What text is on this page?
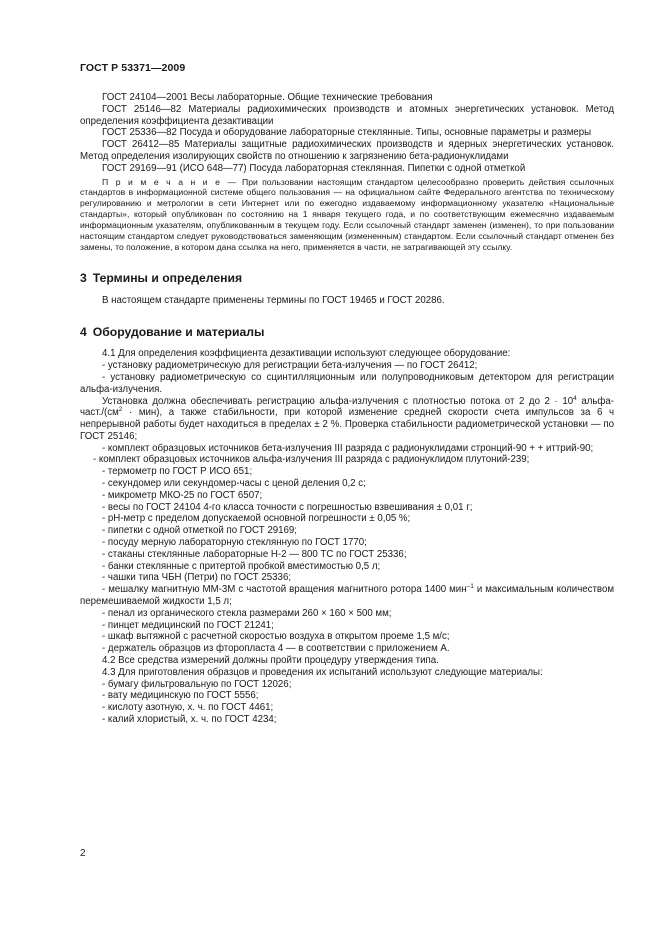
ГОСТ Р 53371—2009

ГОСТ 24104—2001 Весы лабораторные. Общие технические требования

ГОСТ 25146—82 Материалы радиохимических производств и атомных энергетических установок. Метод определения коэффициента дезактивации

ГОСТ 25336—82 Посуда и оборудование лабораторные стеклянные. Типы, основные параметры и размеры

ГОСТ 26412—85 Материалы защитные радиохимических производств и ядерных энергетических установок. Метод определения изолирующих свойств по отношению к загрязнению бета-радионуклидами

ГОСТ 29169—91 (ИСО 648—77) Посуда лабораторная стеклянная. Пипетки с одной отметкой

П р и м е ч а н и е — При пользовании настоящим стандартом целесообразно проверить действия ссылочных стандартов в информационной системе общего пользования — на официальном сайте Федерального агентства по техническому регулированию и метрологии в сети Интернет или по ежегодно издаваемому информационному указателю «Национальные стандарты», который опубликован по состоянию на 1 января текущего года, и по соответствующим ежемесячно издаваемым информационным указателям, опубликованным в текущем году. Если ссылочный стандарт заменен (изменен), то при пользовании настоящим стандартом следует руководствоваться заменяющим (измененным) стандартом. Если ссылочный стандарт отменен без замены, то положение, в котором дана ссылка на него, применяется в части, не затрагивающей эту ссылку.

3 Термины и определения

В настоящем стандарте применены термины по ГОСТ 19465 и ГОСТ 20286.

4 Оборудование и материалы

4.1 Для определения коэффициента дезактивации используют следующее оборудование:

- установку радиометрическую для регистрации бета-излучения — по ГОСТ 26412;

- установку радиометрическую со сцинтилляционным или полупроводниковым детектором для регистрации альфа-излучения.

Установка должна обеспечивать регистрацию альфа-излучения с плотностью потока от 2 до $2 \cdot 10^4$ альфа-$част./(см^2 \cdot мин)$, а также стабильности, при которой изменение средней скорости счета импульсов за 6 ч непрерывной работы будет находиться в пределах ± 2 %. Проверка стабильности радиометрической установки — по ГОСТ 25146;

- комплект образцовых источников бета-излучения III разряда с радионуклидами стронций-90 + + иттрий-90;

- комплект образцовых источников альфа-излучения III разряда с радионуклидом плутоний-239;

- термометр по ГОСТ Р ИСО 651;

- секундомер или секундомер-часы с ценой деления 0,2 с;

- микрометр МКО-25 по ГОСТ 6507;

- весы по ГОСТ 24104 4-го класса точности с погрешностью взвешивания ± 0,01 г;

- рН-метр с пределом допускаемой основной погрешности ± 0,05 %;

- пипетки с одной отметкой по ГОСТ 29169;

- посуду мерную лабораторную стеклянную по ГОСТ 1770;

- стаканы стеклянные лабораторные Н-2 — 800 ТС по ГОСТ 25336;

- банки стеклянные с притертой пробкой вместимостью 0,5 л;

- чашки типа ЧБН (Петри) по ГОСТ 25336;

- мешалку магнитную ММ-3М с частотой вращения магнитного ротора 1400 мин$^{-1}$ и максимальным количеством перемешиваемой жидкости 1,5 л;

- пенал из органического стекла размерами 260 × 160 × 500 мм;

- пинцет медицинский по ГОСТ 21241;

- шкаф вытяжной с расчетной скоростью воздуха в открытом проеме 1,5 м/с;

- держатель образцов из фторопласта 4 — в соответствии с приложением А.

4.2 Все средства измерений должны пройти процедуру утверждения типа.

4.3 Для приготовления образцов и проведения их испытаний используют следующие материалы:

- бумагу фильтровальную по ГОСТ 12026;

- вату медицинскую по ГОСТ 5556;

- кислоту азотную, х. ч. по ГОСТ 4461;

- калий хлористый, х. ч. по ГОСТ 4234;

2
